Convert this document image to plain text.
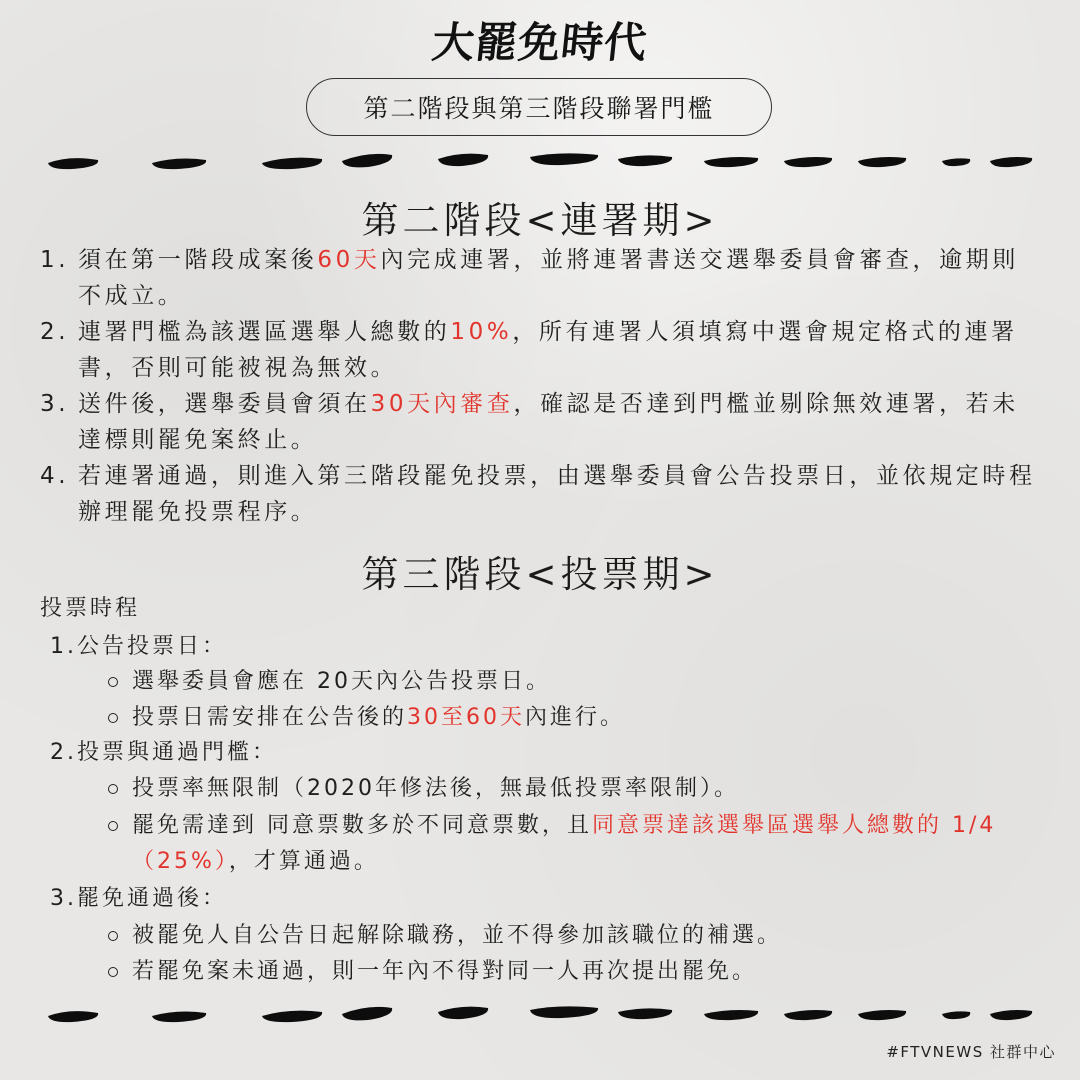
大罷免時代
第二階段與第三階段聯署門檻
第二階段<連署期>
1. 須在第一階段成案後60天內完成連署，並將連署書送交選舉委員會審查，逾期則不成立。
2. 連署門檻為該選區選舉人總數的10%，所有連署人須填寫中選會規定格式的連署書，否則可能被視為無效。
3. 送件後，選舉委員會須在30天內審查，確認是否達到門檻並剔除無效連署，若未達標則罷免案終止。
4. 若連署通過，則進入第三階段罷免投票，由選舉委員會公告投票日，並依規定時程辦理罷免投票程序。
第三階段<投票期>
投票時程
1.公告投票日：
選舉委員會應在 20天內公告投票日。
投票日需安排在公告後的30至60天內進行。
2.投票與通過門檻：
投票率無限制（2020年修法後，無最低投票率限制）。
罷免需達到 同意票數多於不同意票數，且同意票達該選舉區選舉人總數的 1/4（25%），才算通過。
3.罷免通過後：
被罷免人自公告日起解除職務，並不得參加該職位的補選。
若罷免案未通過，則一年內不得對同一人再次提出罷免。
#FTVNEWS 社群中心
